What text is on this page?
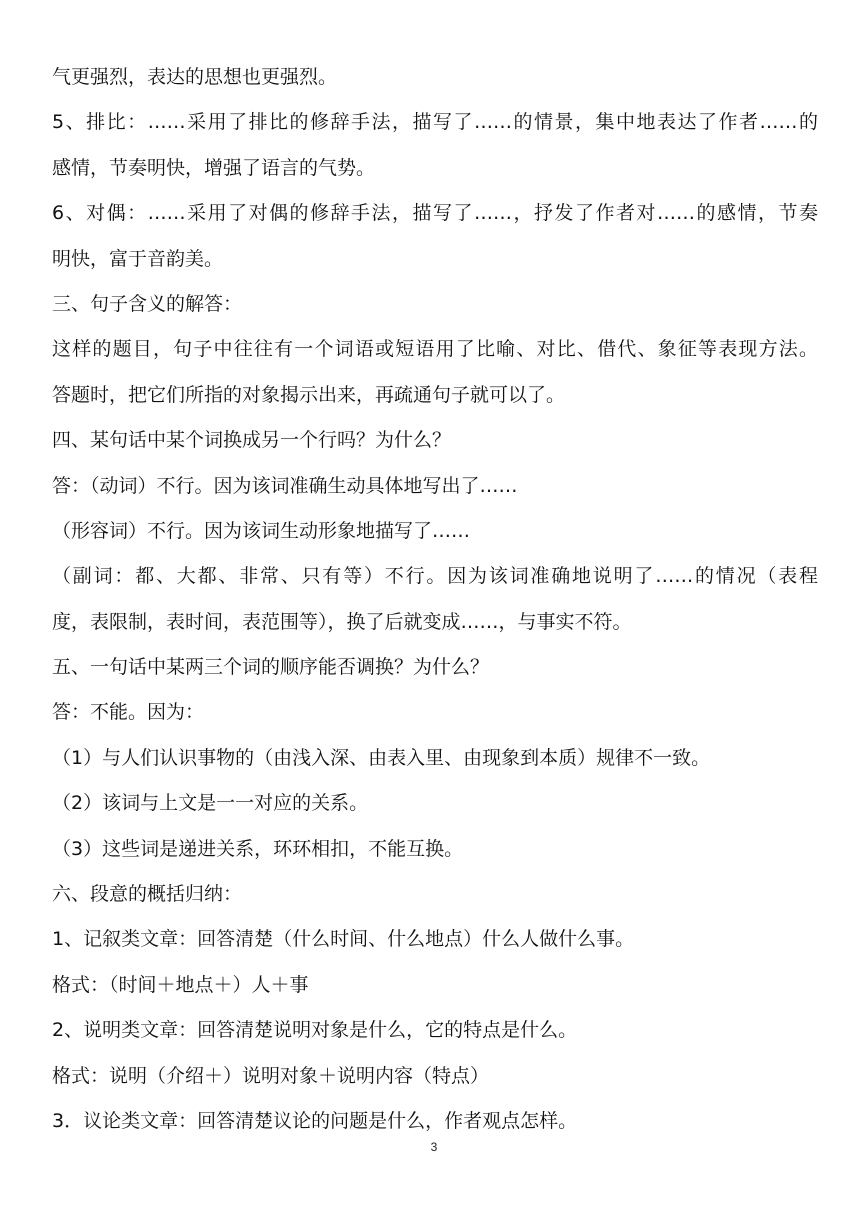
气更强烈，表达的思想也更强烈。
5、排比：……采用了排比的修辞手法，描写了……的情景，集中地表达了作者……的
感情，节奏明快，增强了语言的气势。
6、对偶：……采用了对偶的修辞手法，描写了……，抒发了作者对……的感情，节奏
明快，富于音韵美。
三、句子含义的解答：
这样的题目，句子中往往有一个词语或短语用了比喻、对比、借代、象征等表现方法。
答题时，把它们所指的对象揭示出来，再疏通句子就可以了。
四、某句话中某个词换成另一个行吗？为什么？
答：（动词）不行。因为该词准确生动具体地写出了……
（形容词）不行。因为该词生动形象地描写了……
（副词：都、大都、非常、只有等）不行。因为该词准确地说明了……的情况（表程
度，表限制，表时间，表范围等），换了后就变成……，与事实不符。
五、一句话中某两三个词的顺序能否调换？为什么？
答：不能。因为：
（1）与人们认识事物的（由浅入深、由表入里、由现象到本质）规律不一致。
（2）该词与上文是一一对应的关系。
（3）这些词是递进关系，环环相扣，不能互换。
六、段意的概括归纳：
1、记叙类文章：回答清楚（什么时间、什么地点）什么人做什么事。
格式：（时间＋地点＋）人＋事
2、说明类文章：回答清楚说明对象是什么，它的特点是什么。
格式：说明（介绍＋）说明对象＋说明内容（特点）
3．议论类文章：回答清楚议论的问题是什么，作者观点怎样。
3
